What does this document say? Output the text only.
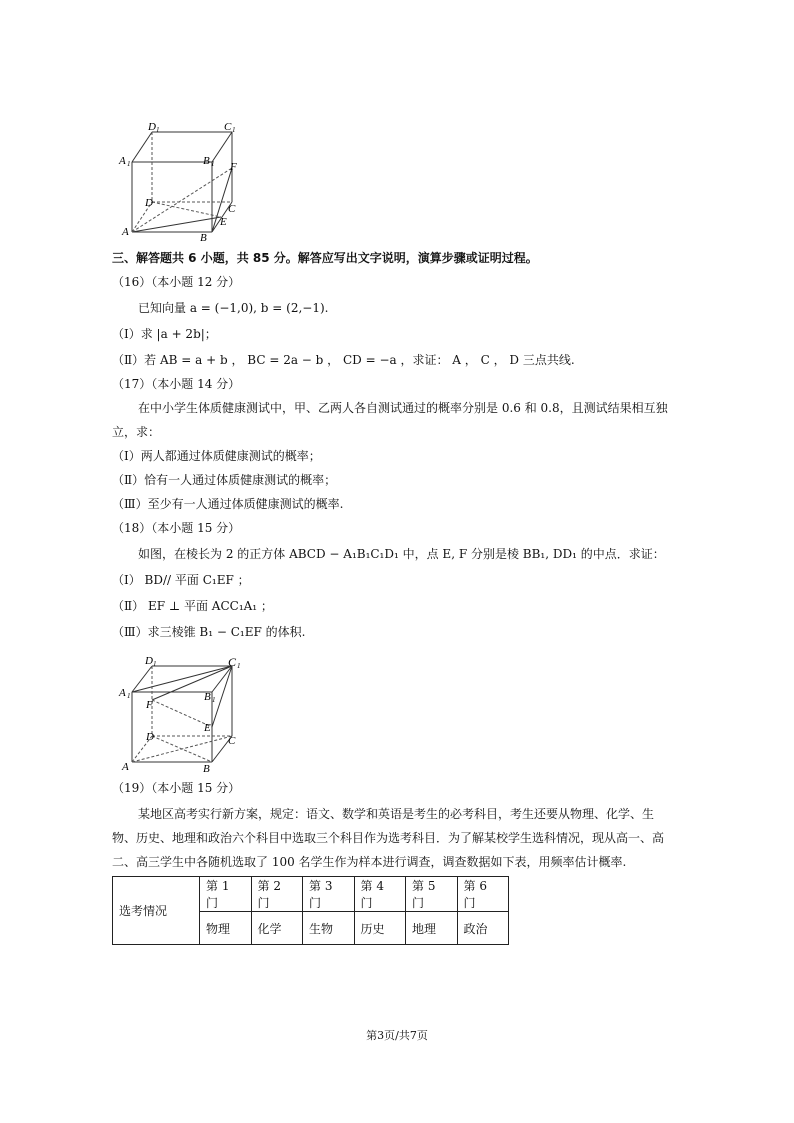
D 1	C 1
A 1	B 1 F
D	C
E
A	B
三、解答题共 6 小题，共 85 分。解答应写出文字说明，演算步骤或证明过程。
（16）（本小题 12 分）
已知向量 a = (−1,0), b = (2,−1).
（Ⅰ）求 |a + 2b|；
（Ⅱ）若 AB = a + b ， BC = 2a − b ， CD = −a ，求证： A ， C ， D 三点共线.
（17）（本小题 14 分）
在中小学生体质健康测试中，甲、乙两人各自测试通过的概率分别是 0.6 和 0.8，且测试结果相互独
立，求：
（Ⅰ）两人都通过体质健康测试的概率；
（Ⅱ）恰有一人通过体质健康测试的概率；
（Ⅲ）至少有一人通过体质健康测试的概率.
（18）（本小题 15 分）
如图，在棱长为 2 的正方体 ABCD − A₁B₁C₁D₁ 中，点 E, F 分别是棱 BB₁, DD₁ 的中点．求证：
（Ⅰ） BD// 平面 C₁EF ；
（Ⅱ） EF ⊥ 平面 ACC₁A₁ ；
（Ⅲ）求三棱锥 B₁ − C₁EF 的体积.
D 1	C 1
A 1	B 1
F
E
D	C
A	B
（19）（本小题 15 分）
某地区高考实行新方案，规定：语文、数学和英语是考生的必考科目，考生还要从物理、化学、生
物、历史、地理和政治六个科目中选取三个科目作为选考科目．为了解某校学生选科情况，现从高一、高
二、高三学生中各随机选取了 100 名学生作为样本进行调查，调查数据如下表，用频率估计概率.
选考情况	第 1 门	第 2 门	第 3 门	第 4 门	第 5 门	第 6 门
	物理	化学	生物	历史	地理	政治
第3页/共7页
